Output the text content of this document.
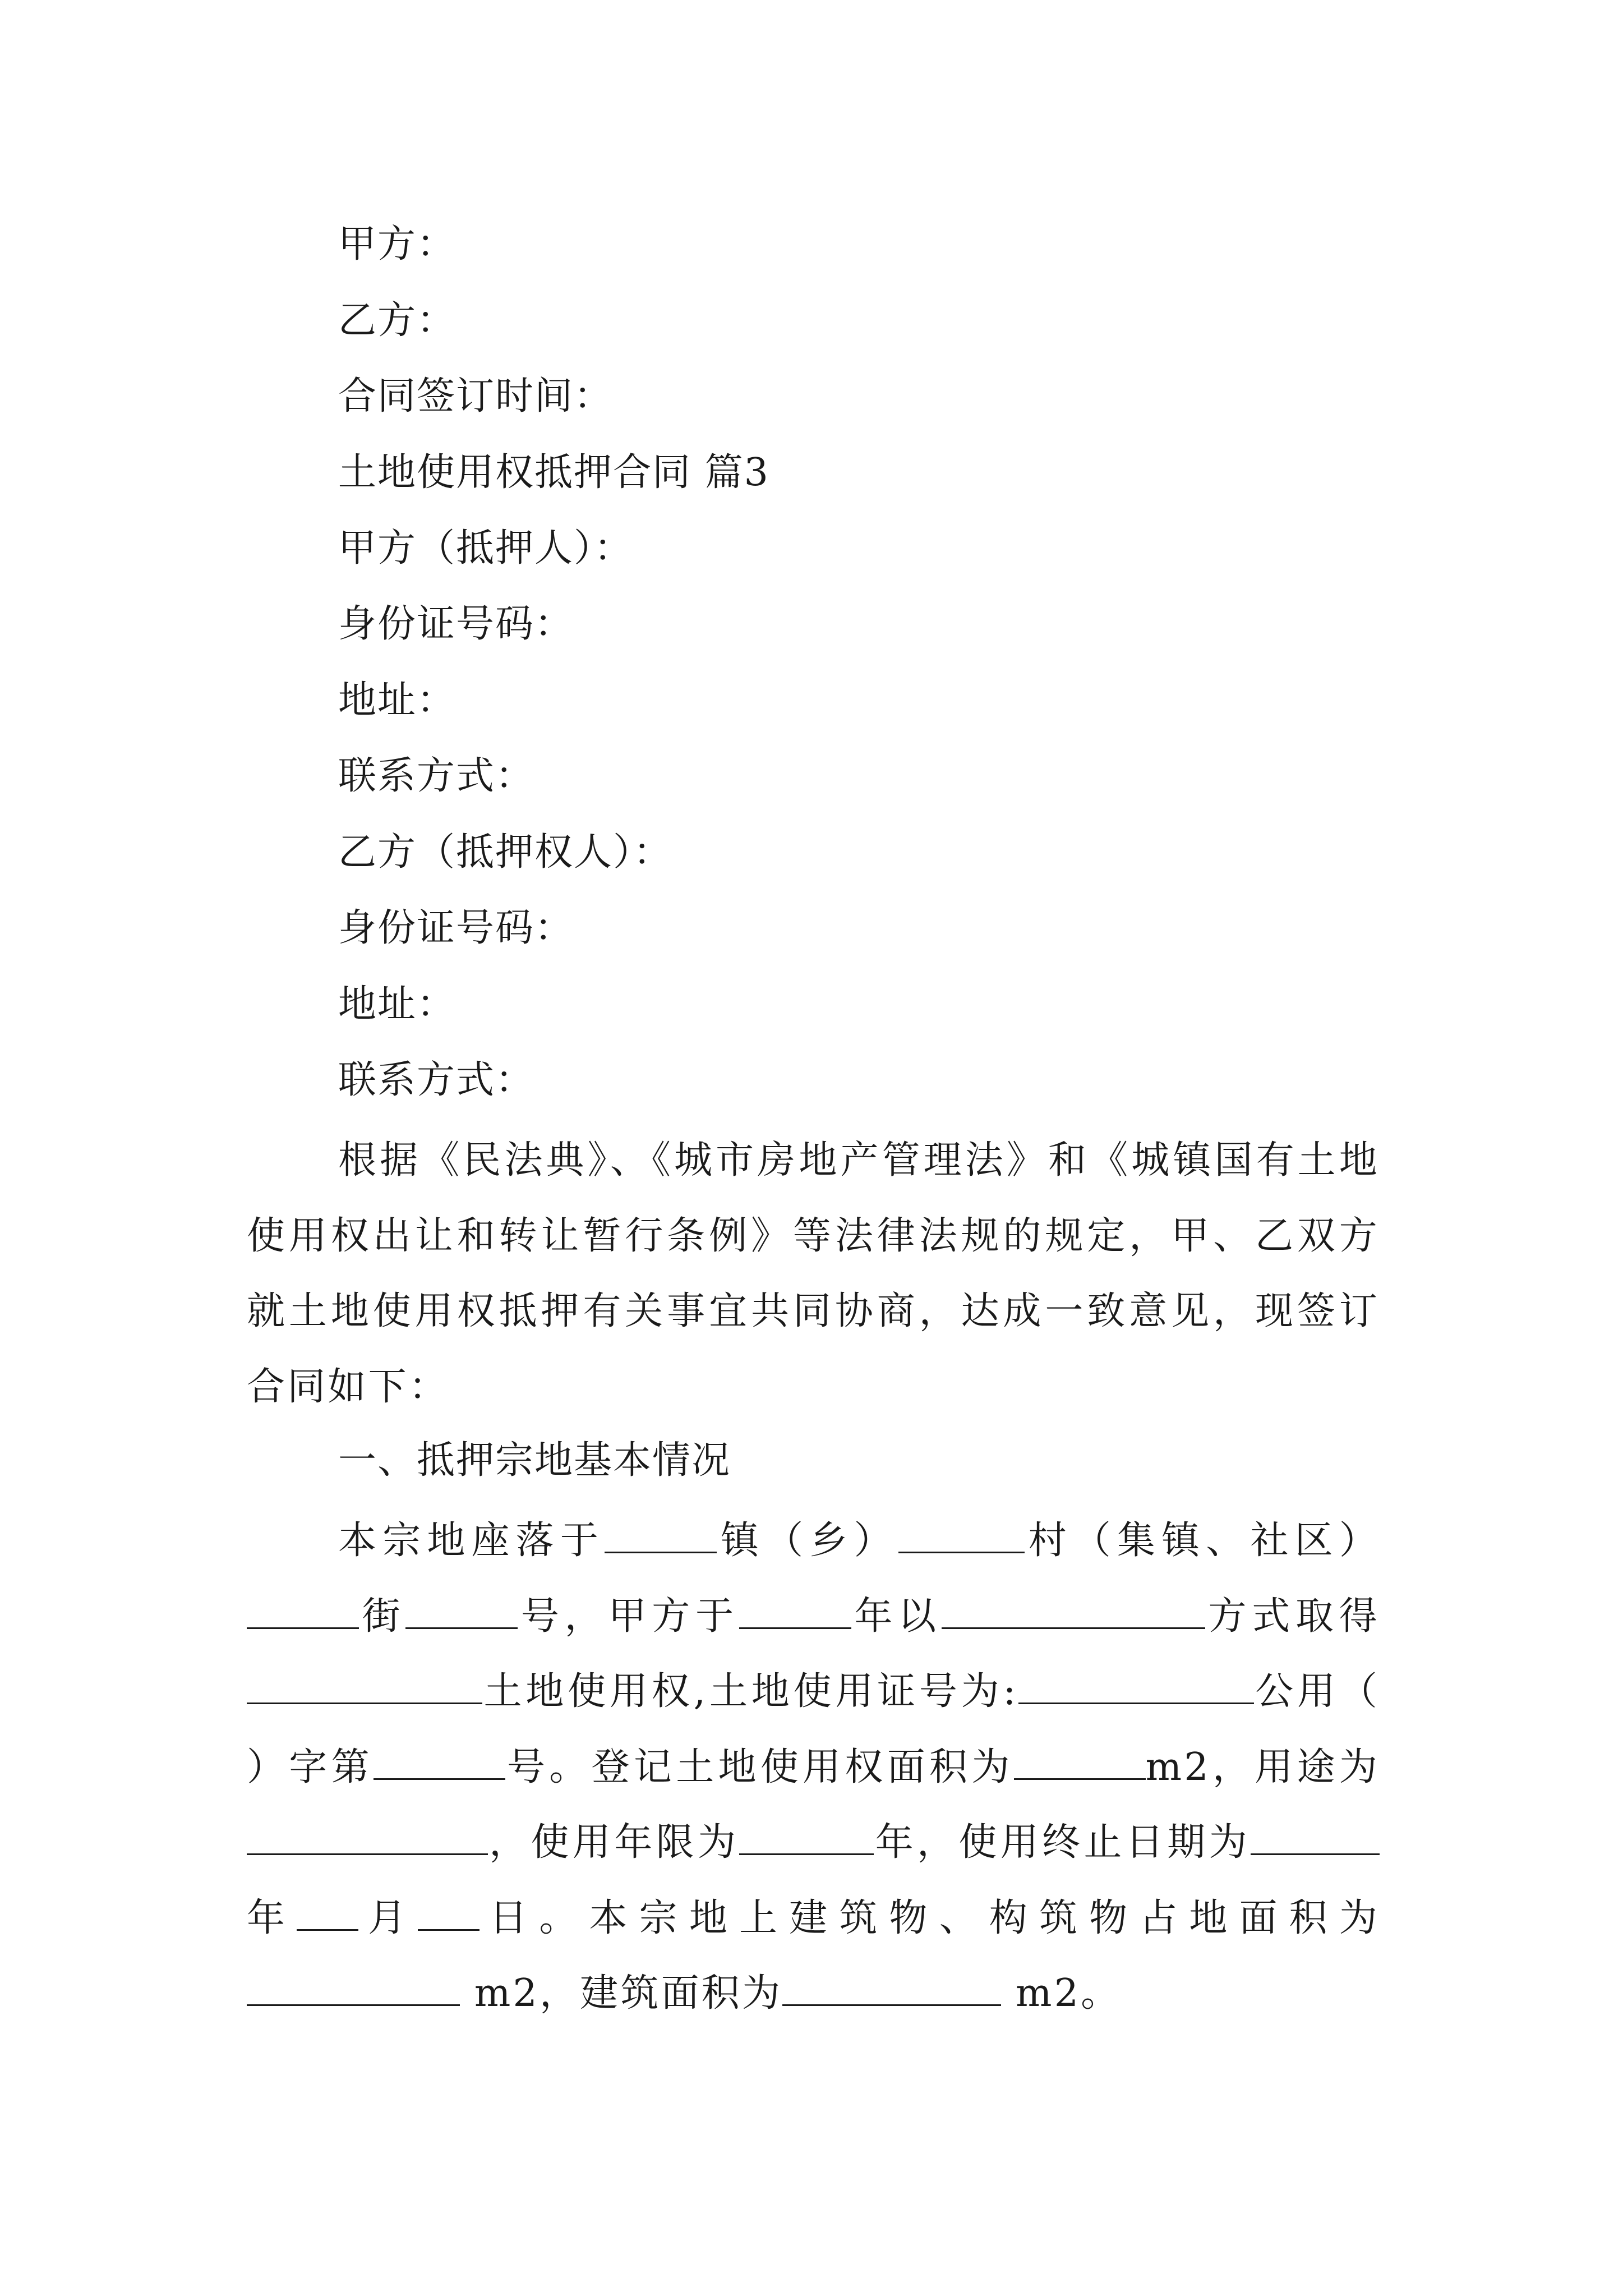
甲方：
乙方：
合同签订时间：
土地使用权抵押合同 篇3
甲方（抵押人）：
身份证号码：
地址：
联系方式：
乙方（抵押权人）：
身份证号码：
地址：
联系方式：
根据《民法典》、《城市房地产管理法》和《城镇国有土地使用权出让和转让暂行条例》等法律法规的规定，甲、乙双方就土地使用权抵押有关事宜共同协商，达成一致意见，现签订合同如下：
一、抵押宗地基本情况
本宗地座落于	镇（乡）	村（集镇、社区）街	号，甲方于	年以	方式取得土地使用权,土地使用证号为:	公用（ ）字第	号。登记土地使用权面积为	m2，用途为，使用年限为	年，使用终止日期为年 月 日。本宗地上建筑物、构筑物占地面积为 m2，建筑面积为	m2。
